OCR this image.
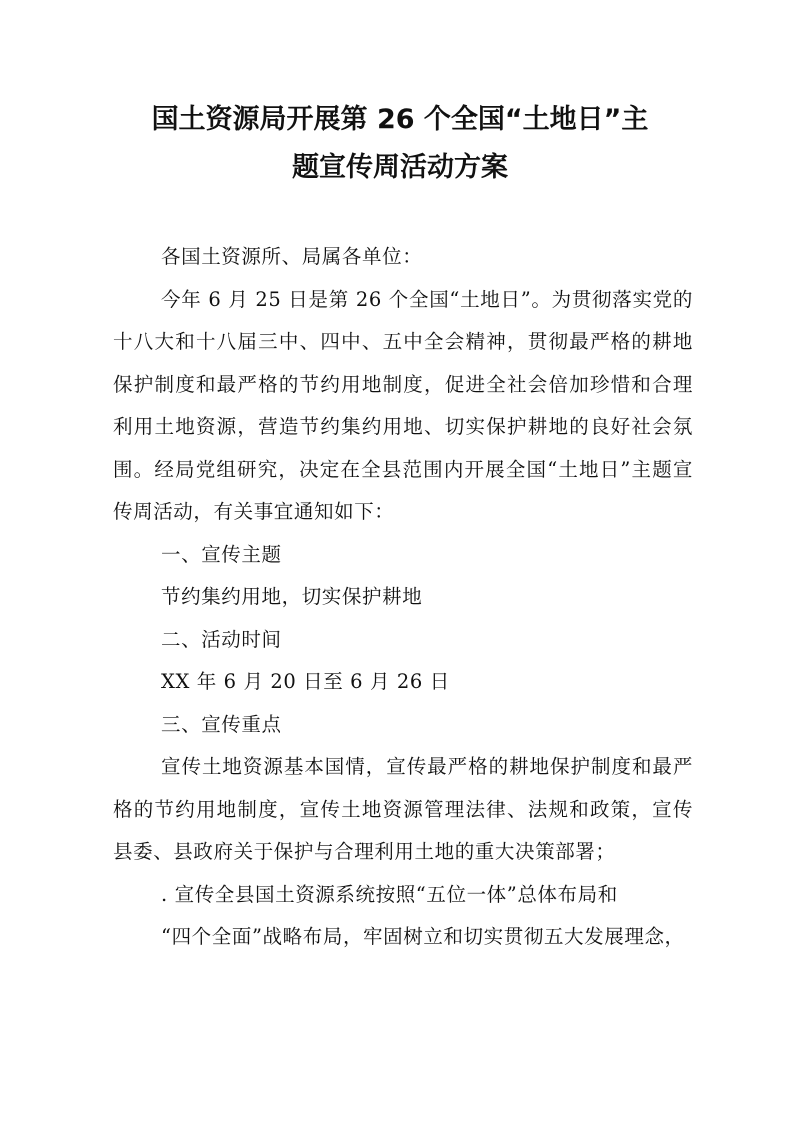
国土资源局开展第 26 个全国“土地日”主
题宣传周活动方案

各国土资源所、局属各单位：

今年 6 月 25 日是第 26 个全国“土地日”。为贯彻落实党的十八大和十八届三中、四中、五中全会精神，贯彻最严格的耕地保护制度和最严格的节约用地制度，促进全社会倍加珍惜和合理利用土地资源，营造节约集约用地、切实保护耕地的良好社会氛围。经局党组研究，决定在全县范围内开展全国“土地日”主题宣传周活动，有关事宜通知如下：

一、宣传主题

节约集约用地，切实保护耕地

二、活动时间

XX 年 6 月 20 日至 6 月 26 日

三、宣传重点

宣传土地资源基本国情，宣传最严格的耕地保护制度和最严格的节约用地制度，宣传土地资源管理法律、法规和政策，宣传县委、县政府关于保护与合理利用土地的重大决策部署；

. 宣传全县国土资源系统按照“五位一体”总体布局和

“四个全面”战略布局，牢固树立和切实贯彻五大发展理念，
